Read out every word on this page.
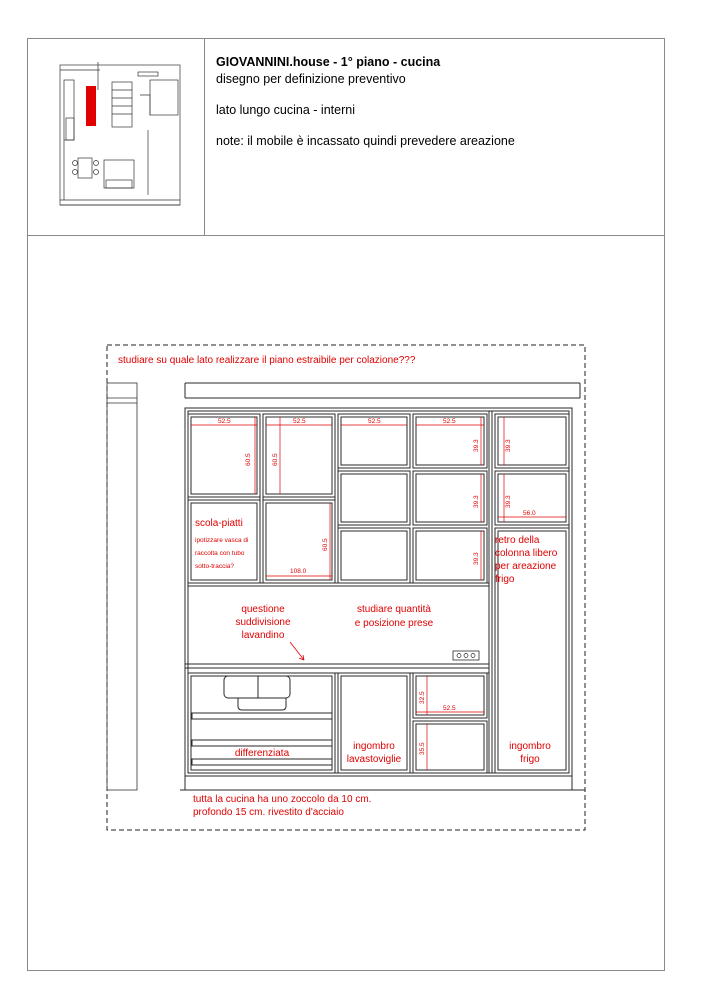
GIOVANNINI.house - 1° piano - cucina
disegno per definizione preventivo
lato lungo cucina - interni
note: il mobile è incassato quindi prevedere areazione
52.5	52.5	52.5	52.5
60.5	60.5
60.5
39.3
39.3
39.3
39.3
39.3
56.0
108.0
32.5
52.5
35.5
studiare su quale lato realizzare il piano estraibile per colazione???
scola-piatti
ipotizzare vasca di
raccolta con tubo
sotto-traccia?
questione
suddivisione
lavandino
studiare quantità
e posizione prese
retro della
colonna libero
per areazione
frigo
differenziata
ingombro
lavastoviglie
ingombro
frigo
tutta la cucina ha uno zoccolo da 10 cm.
profondo 15 cm. rivestito d'acciaio
